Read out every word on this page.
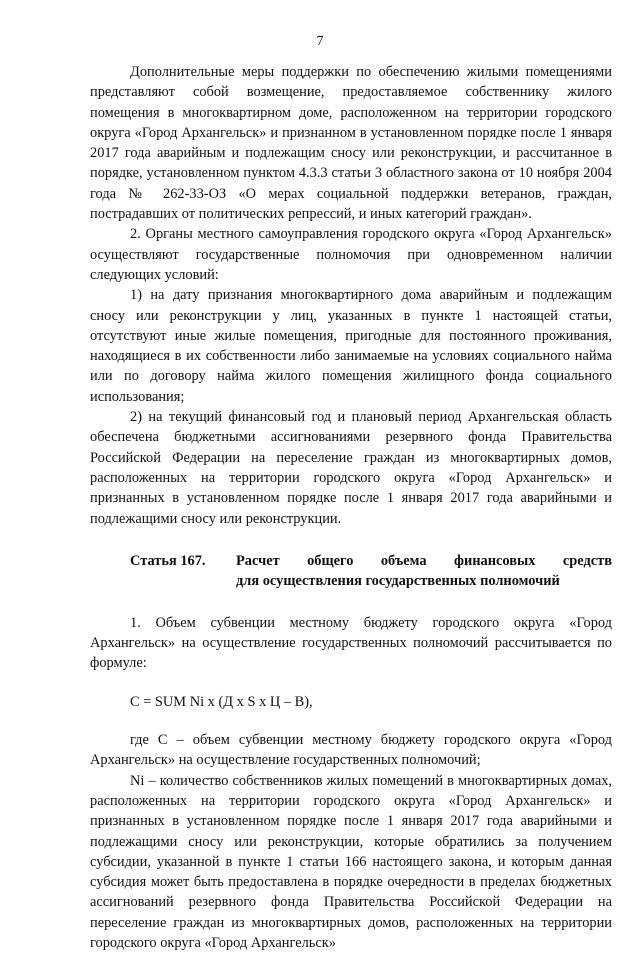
7

Дополнительные меры поддержки по обеспечению жилыми помещениями представляют собой возмещение, предоставляемое собственнику жилого помещения в многоквартирном доме, расположенном на территории городского округа «Город Архангельск» и признанном в установленном порядке после 1 января 2017 года аварийным и подлежащим сносу или реконструкции, и рассчитанное в порядке, установленном пунктом 4.3.3 статьи 3 областного закона от 10 ноября 2004 года № 262-33-ОЗ «О мерах социальной поддержки ветеранов, граждан, пострадавших от политических репрессий, и иных категорий граждан».

2. Органы местного самоуправления городского округа «Город Архангельск» осуществляют государственные полномочия при одновременном наличии следующих условий:

1) на дату признания многоквартирного дома аварийным и подлежащим сносу или реконструкции у лиц, указанных в пункте 1 настоящей статьи, отсутствуют иные жилые помещения, пригодные для постоянного проживания, находящиеся в их собственности либо занимаемые на условиях социального найма или по договору найма жилого помещения жилищного фонда социального использования;

2) на текущий финансовый год и плановый период Архангельская область обеспечена бюджетными ассигнованиями резервного фонда Правительства Российской Федерации на переселение граждан из многоквартирных домов, расположенных на территории городского округа «Город Архангельск» и признанных в установленном порядке после 1 января 2017 года аварийными и подлежащими сносу или реконструкции.

Статья 167.	Расчет общего объема финансовых средств
для осуществления государственных полномочий

1. Объем субвенции местному бюджету городского округа «Город Архангельск» на осуществление государственных полномочий рассчитывается по формуле:

С = SUM Ni x (Д x S x Ц – В),

где С – объем субвенции местному бюджету городского округа «Город Архангельск» на осуществление государственных полномочий;

Ni – количество собственников жилых помещений в многоквартирных домах, расположенных на территории городского округа «Город Архангельск» и признанных в установленном порядке после 1 января 2017 года аварийными и подлежащими сносу или реконструкции, которые обратились за получением субсидии, указанной в пункте 1 статьи 166 настоящего закона, и которым данная субсидия может быть предоставлена в порядке очередности в пределах бюджетных ассигнований резервного фонда Правительства Российской Федерации на переселение граждан из многоквартирных домов, расположенных на территории городского округа «Город Архангельск»
